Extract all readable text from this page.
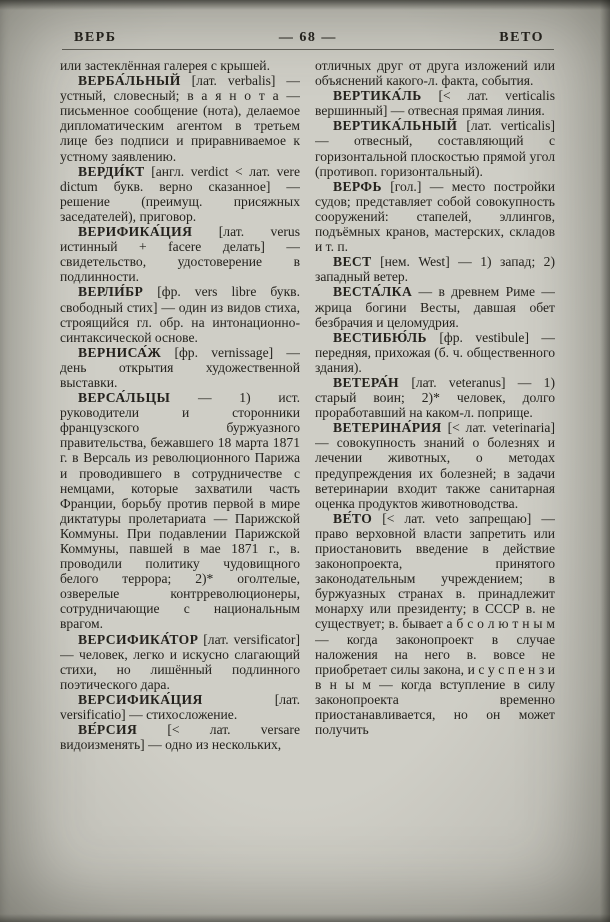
ВЕРБ	— 68 —	ВЕТО

или застеклённая галерея с крышей.

ВЕРБА́ЛЬНЫЙ [лат. verbalis] — устный, словесный; в а я н о т а — письменное сообщение (нота), делаемое дипломатическим агентом в третьем лице без подписи и приравниваемое к устному заявлению.

ВЕРДИ́КТ [англ. verdict < лат. vere dictum букв. верно сказанное] — решение (преимущ. присяжных заседателей), приговор.

ВЕРИФИКА́ЦИЯ [лат. verus истинный + facere делать] — свидетельство, удостоверение в подлинности.

ВЕРЛИ́БР [фр. vers libre букв. свободный стих] — один из видов стиха, строящийся гл. обр. на интонационно-синтаксической основе.

ВЕРНИСА́Ж [фр. vernissage] — день открытия художественной выставки.

ВЕРСА́ЛЬЦЫ — 1) ист. руководители и сторонники французского буржуазного правительства, бежавшего 18 марта 1871 г. в Версаль из революционного Парижа и проводившего в сотрудничестве с немцами, которые захватили часть Франции, борьбу против первой в мире диктатуры пролетариата — Парижской Коммуны. При подавлении Парижской Коммуны, павшей в мае 1871 г., в. проводили политику чудовищного белого террора; 2)* оголтелые, озверелые контрреволюционеры, сотрудничающие с национальным врагом.

ВЕРСИФИКА́ТОР [лат. versificator] — человек, легко и искусно слагающий стихи, но лишённый подлинного поэтического дара.

ВЕРСИФИКА́ЦИЯ	[лат. versificatio] — стихосложение.

ВЕ́РСИЯ [< лат. versare видоизменять] — одно из нескольких,

отличных друг от друга изложений или объяснений какого-л. факта, события.

ВЕРТИКА́ЛЬ [< лат. verticalis вершинный] — отвесная прямая линия.

ВЕРТИКА́ЛЬНЫЙ [лат. verticalis] — отвесный, составляющий с горизонтальной плоскостью прямой угол (противоп. горизонтальный).

ВЕРФЬ [гол.] — место постройки судов; представляет собой совокупность сооружений: стапелей, эллингов, подъёмных кранов, мастерских, складов и т. п.

ВЕСТ [нем. West] — 1) запад; 2) западный ветер.

ВЕСТА́ЛКА — в древнем Риме — жрица богини Весты, давшая обет безбрачия и целомудрия.

ВЕСТИБЮ́ЛЬ [фр. vestibule] — передняя, прихожая (б. ч. общественного здания).

ВЕТЕРА́Н [лат. veteranus] — 1) старый воин; 2)* человек, долго проработавший на каком-л. поприще.

ВЕТЕРИНА́РИЯ [< лат. veterinaria] — совокупность знаний о болезнях и лечении животных, о методах предупреждения их болезней; в задачи ветеринарии входит также санитарная оценка продуктов животноводства.

ВЕ́ТО [< лат. veto запрещаю] — право верховной власти запретить или приостановить введение в действие законопроекта, принятого законодательным учреждением; в буржуазных странах в. принадлежит монарху или президенту; в СССР в. не существует; в. бывает а б с о л ю т н ы м — когда законопроект в случае наложения на него в. вовсе не приобретает силы закона, и с у с п е н з и в н ы м — когда вступление в силу законопроекта временно приостанавливается, но он может получить
